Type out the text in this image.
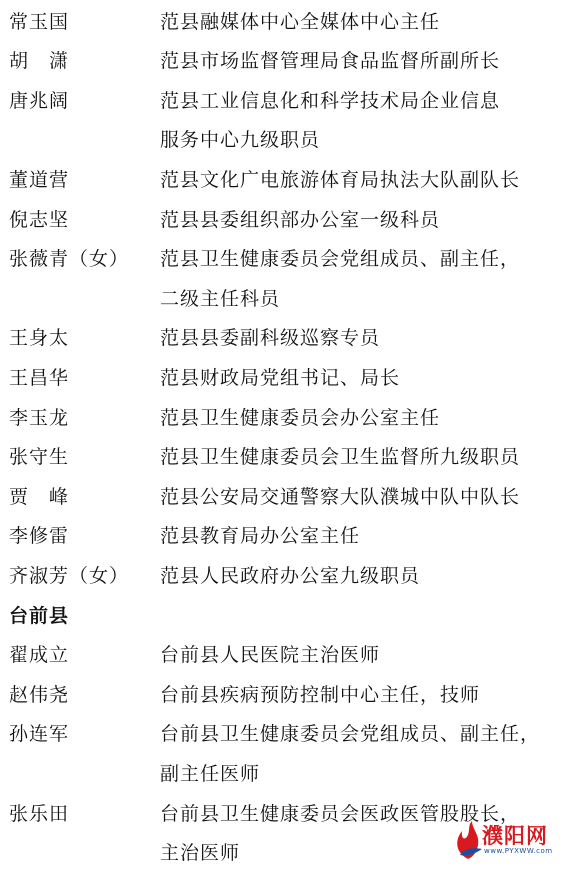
常玉国	范县融媒体中心全媒体中心主任
胡　潇	范县市场监督管理局食品监督所副所长
唐兆阔	范县工业信息化和科学技术局企业信息
服务中心九级职员
董道营	范县文化广电旅游体育局执法大队副队长
倪志坚	范县县委组织部办公室一级科员
张薇青（女） 范县卫生健康委员会党组成员、副主任，
二级主任科员
王身太	范县县委副科级巡察专员
王昌华	范县财政局党组书记、局长
李玉龙	范县卫生健康委员会办公室主任
张守生	范县卫生健康委员会卫生监督所九级职员
贾　峰	范县公安局交通警察大队濮城中队中队长
李修雷	范县教育局办公室主任
齐淑芳（女） 范县人民政府办公室九级职员
台前县
翟成立	台前县人民医院主治医师
赵伟尧	台前县疾病预防控制中心主任，技师
孙连军	台前县卫生健康委员会党组成员、副主任，
副主任医师
张乐田	台前县卫生健康委员会医政医管股股长，
主治医师
濮阳网
www.PYXWW.com
